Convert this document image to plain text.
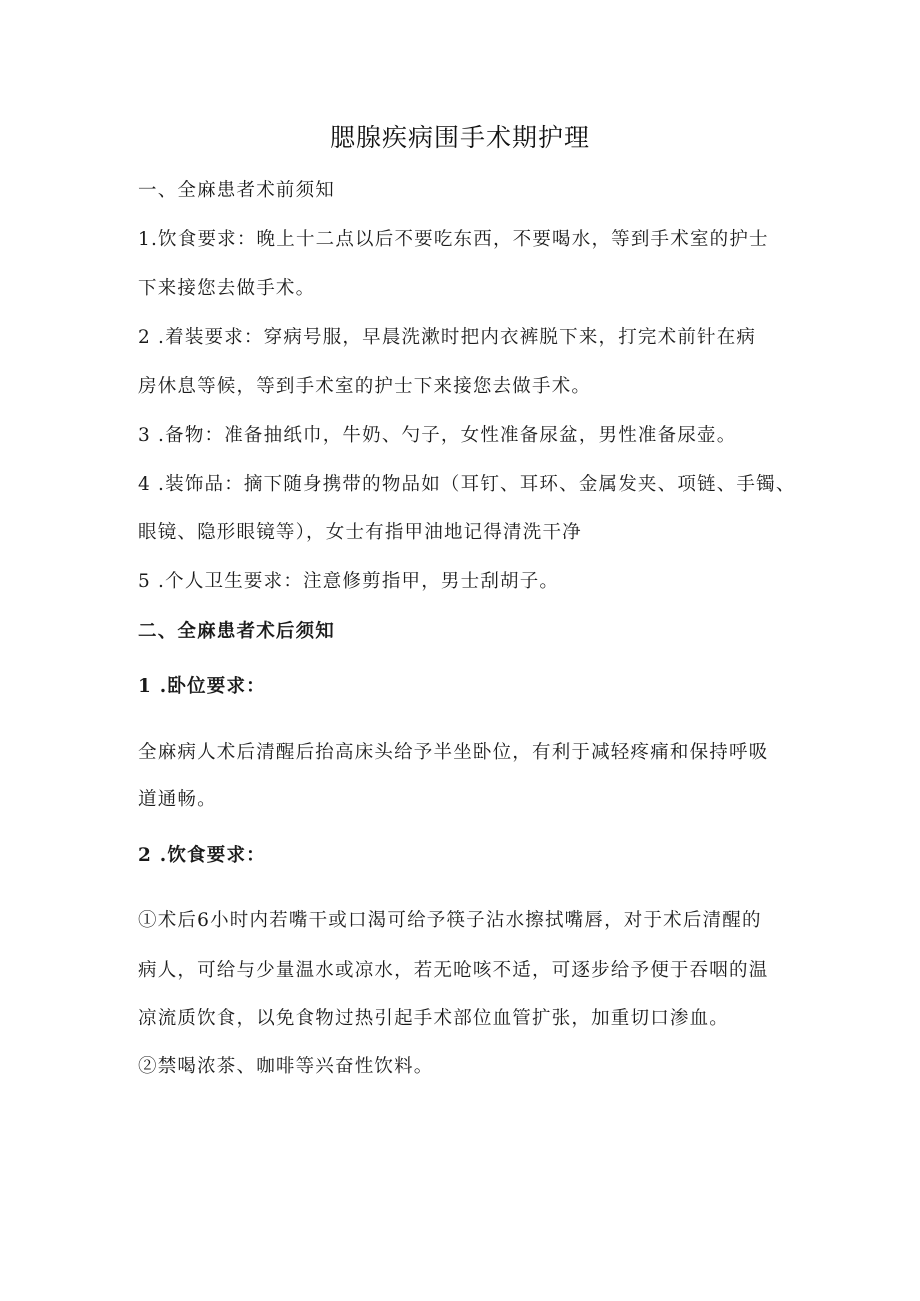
腮腺疾病围手术期护理
一、全麻患者术前须知
1.饮食要求：晚上十二点以后不要吃东西，不要喝水，等到手术室的护士
下来接您去做手术。
2 .着装要求：穿病号服，早晨洗漱时把内衣裤脱下来，打完术前针在病
房休息等候，等到手术室的护士下来接您去做手术。
3 .备物：准备抽纸巾，牛奶、勺子，女性准备尿盆，男性准备尿壶。
4 .装饰品：摘下随身携带的物品如（耳钉、耳环、金属发夹、项链、手镯、
眼镜、隐形眼镜等），女士有指甲油地记得清洗干净
5 .个人卫生要求：注意修剪指甲，男士刮胡子。
二、全麻患者术后须知
1 .卧位要求：
全麻病人术后清醒后抬高床头给予半坐卧位，有利于减轻疼痛和保持呼吸
道通畅。
2 .饮食要求：
①术后6小时内若嘴干或口渴可给予筷子沾水擦拭嘴唇，对于术后清醒的
病人，可给与少量温水或凉水，若无呛咳不适，可逐步给予便于吞咽的温
凉流质饮食，以免食物过热引起手术部位血管扩张，加重切口渗血。
②禁喝浓茶、咖啡等兴奋性饮料。
